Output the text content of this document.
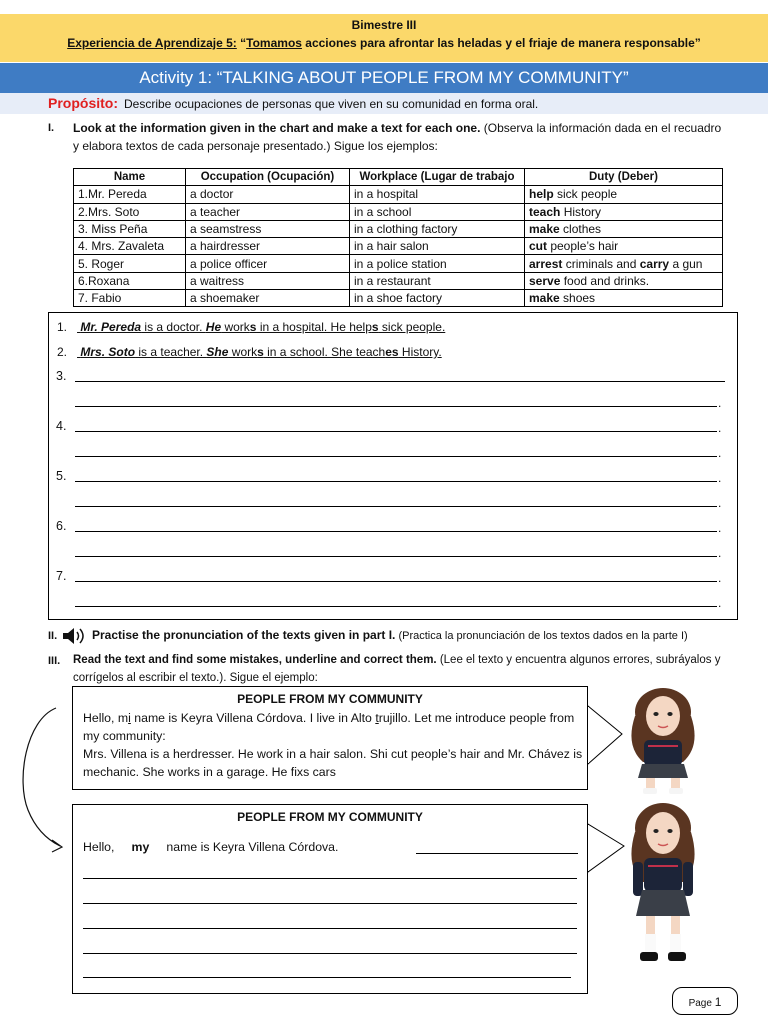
Bimestre III
Experiencia de Aprendizaje 5: “Tomamos acciones para afrontar las heladas y el friaje de manera responsable”
Activity 1: “TALKING ABOUT PEOPLE FROM MY COMMUNITY”
Propósito: Describe ocupaciones de personas que viven en su comunidad en forma oral.
I. Look at the information given in the chart and make a text for each one. (Observa la información dada en el recuadro y elabora textos de cada personaje presentado.) Sigue los ejemplos:
Name	Occupation (Ocupación)	Workplace (Lugar de trabajo	Duty (Deber)
1.Mr. Pereda	a doctor	in a hospital	help sick people
2.Mrs. Soto	a teacher	in a school	teach History
3. Miss Peña	a seamstress	in a clothing factory	make clothes
4. Mrs. Zavaleta	a hairdresser	in a hair salon	cut people’s hair
5. Roger	a police officer	in a police station	arrest criminals and carry a gun
6.Roxana	a waitress	in a restaurant	serve food and drinks.
7. Fabio	a shoemaker	in a shoe factory	make shoes
1. Mr. Pereda is a doctor. He works in a hospital. He helps sick people.
2. Mrs. Soto is a teacher. She works in a school. She teaches History.
3.
.
4.	.
.
5.	.
.
6.	.
.
7.	.
.
II.	Practise the pronunciation of the texts given in part I. (Practica la pronunciación de los textos dados en la parte I)
III. Read the text and find some mistakes, underline and correct them. (Lee el texto y encuentra algunos errores, subráyalos y corrígelos al escribir el texto.). Sigue el ejemplo:
PEOPLE FROM MY COMMUNITY
Hello, mi name is Keyra Villena Córdova. I live in Alto trujillo. Let me introduce people from my community:
Mrs. Villena is a herdresser. He work in a hair salon. Shi cut people’s hair and Mr. Chávez is mechanic. She works in a garage. He fixs cars
PEOPLE FROM MY COMMUNITY
Hello, my name is Keyra Villena Córdova.
Page 1
